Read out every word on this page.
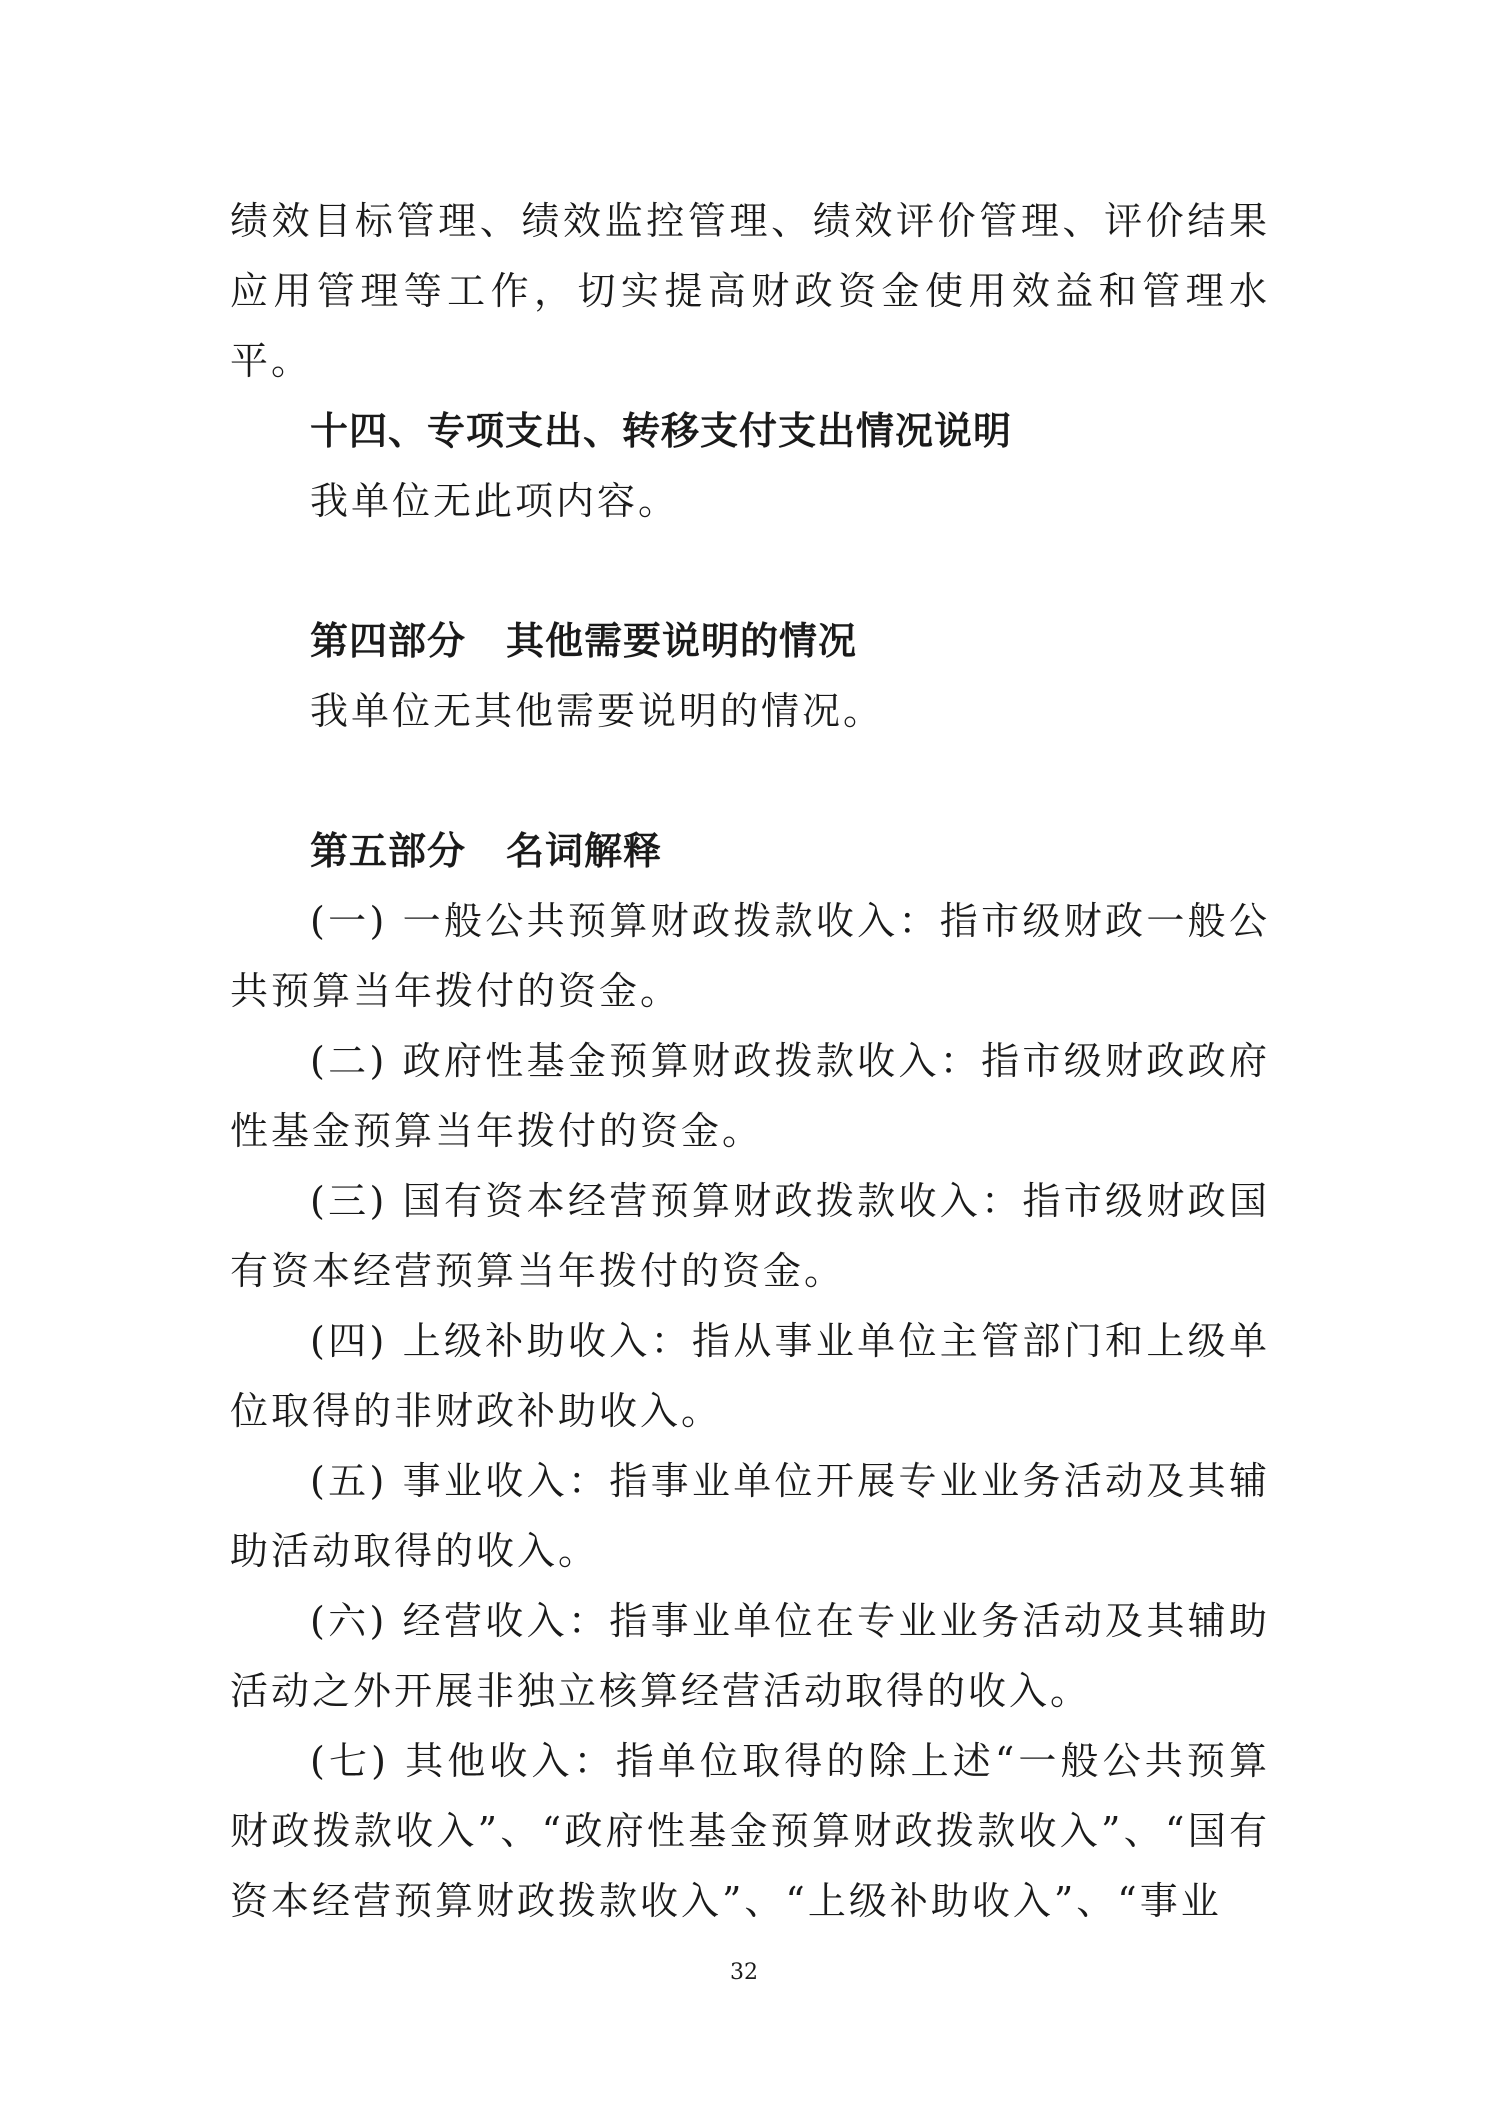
绩效目标管理、绩效监控管理、绩效评价管理、评价结果应用管理等工作，切实提高财政资金使用效益和管理水平。

十四、专项支出、转移支付支出情况说明

我单位无此项内容。

第四部分 其他需要说明的情况

我单位无其他需要说明的情况。

第五部分 名词解释

(一) 一般公共预算财政拨款收入：指市级财政一般公共预算当年拨付的资金。

(二) 政府性基金预算财政拨款收入：指市级财政政府性基金预算当年拨付的资金。

(三) 国有资本经营预算财政拨款收入：指市级财政国有资本经营预算当年拨付的资金。

(四) 上级补助收入：指从事业单位主管部门和上级单位取得的非财政补助收入。

(五) 事业收入：指事业单位开展专业业务活动及其辅助活动取得的收入。

(六) 经营收入：指事业单位在专业业务活动及其辅助活动之外开展非独立核算经营活动取得的收入。

(七) 其他收入：指单位取得的除上述“一般公共预算财政拨款收入”、“政府性基金预算财政拨款收入”、“国有资本经营预算财政拨款收入”、“上级补助收入”、“事业

32
